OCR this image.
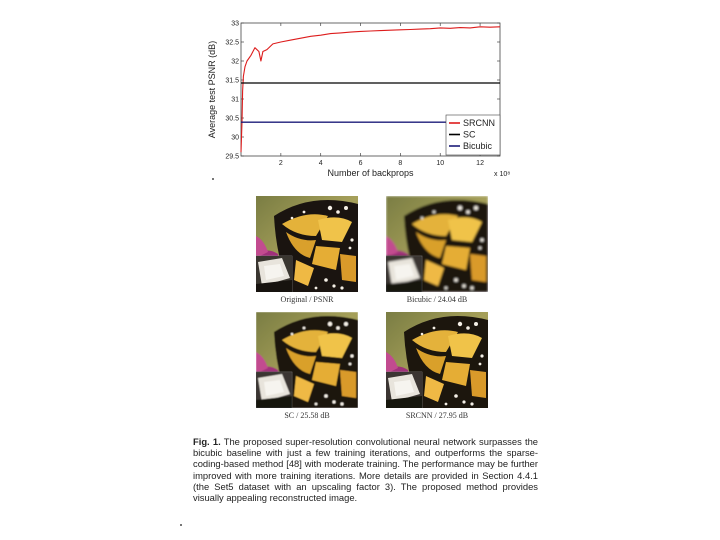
29.5
30
30.5
31
31.5
32
32.5
33
2	4	6	8	10	12
Number of backprops	x 10⁸
Average test PSNR (dB)	SRCNN
SC
Bicubic
Original / PSNR	Bicubic / 24.04 dB
SC / 25.58 dB	SRCNN / 27.95 dB
Fig. 1. The proposed super-resolution convolutional neural network surpasses the bicubic baseline with just a few training iterations, and outperforms the sparse-coding-based method [48] with moderate training. The performance may be further improved with more training iterations. More details are provided in Section 4.4.1 (the Set5 dataset with an upscaling factor 3). The proposed method provides visually appealing reconstructed image.
